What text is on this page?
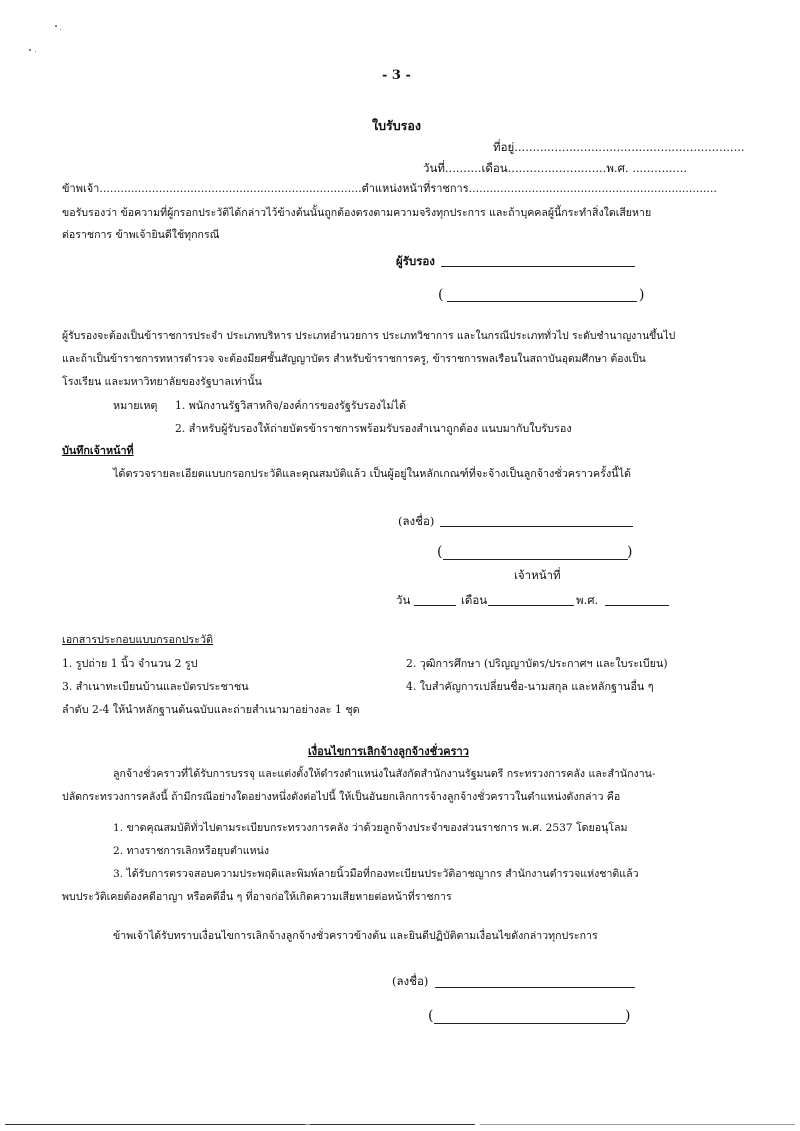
- 3 -
ใบรับรอง
ที่อยู่...............................................................
วันที่..........เดือน...........................พ.ศ. ...............
ข้าพเจ้า...........................................................................ตำแหน่งหน้าที่ราชการ.......................................................................
ขอรับรองว่า ข้อความที่ผู้กรอกประวัติได้กล่าวไว้ข้างต้นนั้นถูกต้องตรงตามความจริงทุกประการ และถ้าบุคคลผู้นี้กระทำสิ่งใดเสียหาย
ต่อราชการ ข้าพเจ้ายินดีใช้ทุกกรณี
ผู้รับรอง
(	)
ผู้รับรองจะต้องเป็นข้าราชการประจำ ประเภทบริหาร ประเภทอำนวยการ ประเภทวิชาการ และในกรณีประเภททั่วไป ระดับชำนาญงานขึ้นไป
และถ้าเป็นข้าราชการทหารตำรวจ จะต้องมียศชั้นสัญญาบัตร สำหรับข้าราชการครู, ข้าราชการพลเรือนในสถาบันอุดมศึกษา ต้องเป็น
โรงเรียน และมหาวิทยาลัยของรัฐบาลเท่านั้น
หมายเหตุ 1. พนักงานรัฐวิสาหกิจ/องค์การของรัฐรับรองไม่ได้
2. สำหรับผู้รับรองให้ถ่ายบัตรข้าราชการพร้อมรับรองสำเนาถูกต้อง แนบมากับใบรับรอง
บันทึกเจ้าหน้าที่
ได้ตรวจรายละเอียดแบบกรอกประวัติและคุณสมบัติแล้ว เป็นผู้อยู่ในหลักเกณฑ์ที่จะจ้างเป็นลูกจ้างชั่วคราวครั้งนี้ได้
(ลงชื่อ)
(	)
เจ้าหน้าที่
วัน	เดือน	พ.ศ.
เอกสารประกอบแบบกรอกประวัติ
1. รูปถ่าย 1 นิ้ว จำนวน 2 รูป	2. วุฒิการศึกษา (ปริญญาบัตร/ประกาศฯ และใบระเบียน)
3. สำเนาทะเบียนบ้านและบัตรประชาชน	4. ใบสำคัญการเปลี่ยนชื่อ-นามสกุล และหลักฐานอื่น ๆ
ลำดับ 2-4 ให้นำหลักฐานต้นฉบับและถ่ายสำเนามาอย่างละ 1 ชุด
เงื่อนไขการเลิกจ้างลูกจ้างชั่วคราว
ลูกจ้างชั่วคราวที่ได้รับการบรรจุ และแต่งตั้งให้ดำรงตำแหน่งในสังกัดสำนักงานรัฐมนตรี กระทรวงการคลัง และสำนักงาน-
ปลัดกระทรวงการคลังนี้ ถ้ามีกรณีอย่างใดอย่างหนึ่งดังต่อไปนี้ ให้เป็นอันยกเลิกการจ้างลูกจ้างชั่วคราวในตำแหน่งดังกล่าว คือ
1. ขาดคุณสมบัติทั่วไปตามระเบียบกระทรวงการคลัง ว่าด้วยลูกจ้างประจำของส่วนราชการ พ.ศ. 2537 โดยอนุโลม
2. ทางราชการเลิกหรือยุบตำแหน่ง
3. ได้รับการตรวจสอบความประพฤติและพิมพ์ลายนิ้วมือที่กองทะเบียนประวัติอาชญากร สำนักงานตำรวจแห่งชาติแล้ว
พบประวัติเคยต้องคดีอาญา หรือคดีอื่น ๆ ที่อาจก่อให้เกิดความเสียหายต่อหน้าที่ราชการ
ข้าพเจ้าได้รับทราบเงื่อนไขการเลิกจ้างลูกจ้างชั่วคราวข้างต้น และยินดีปฏิบัติตามเงื่อนไขดังกล่าวทุกประการ
(ลงชื่อ)
(	)
